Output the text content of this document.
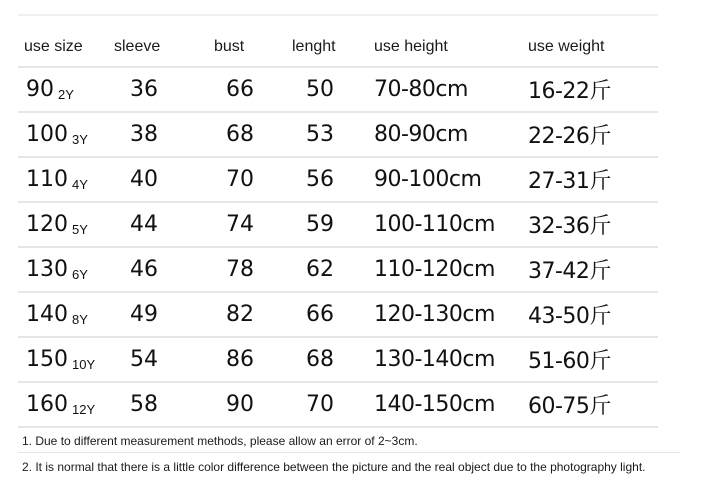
use size	sleeve	bust	lenght	use height	use weight
90 2Y	36	66	50	70-80cm	16-22斤
100 3Y	38	68	53	80-90cm	22-26斤
110 4Y	40	70	56	90-100cm	27-31斤
120 5Y	44	74	59	100-110cm	32-36斤
130 6Y	46	78	62	110-120cm	37-42斤
140 8Y	49	82	66	120-130cm	43-50斤
150 10Y	54	86	68	130-140cm	51-60斤
160 12Y	58	90	70	140-150cm	60-75斤
1. Due to different measurement methods, please allow an error of 2~3cm.
2. It is normal that there is a little color difference between the picture and the real object due to the photography light.
